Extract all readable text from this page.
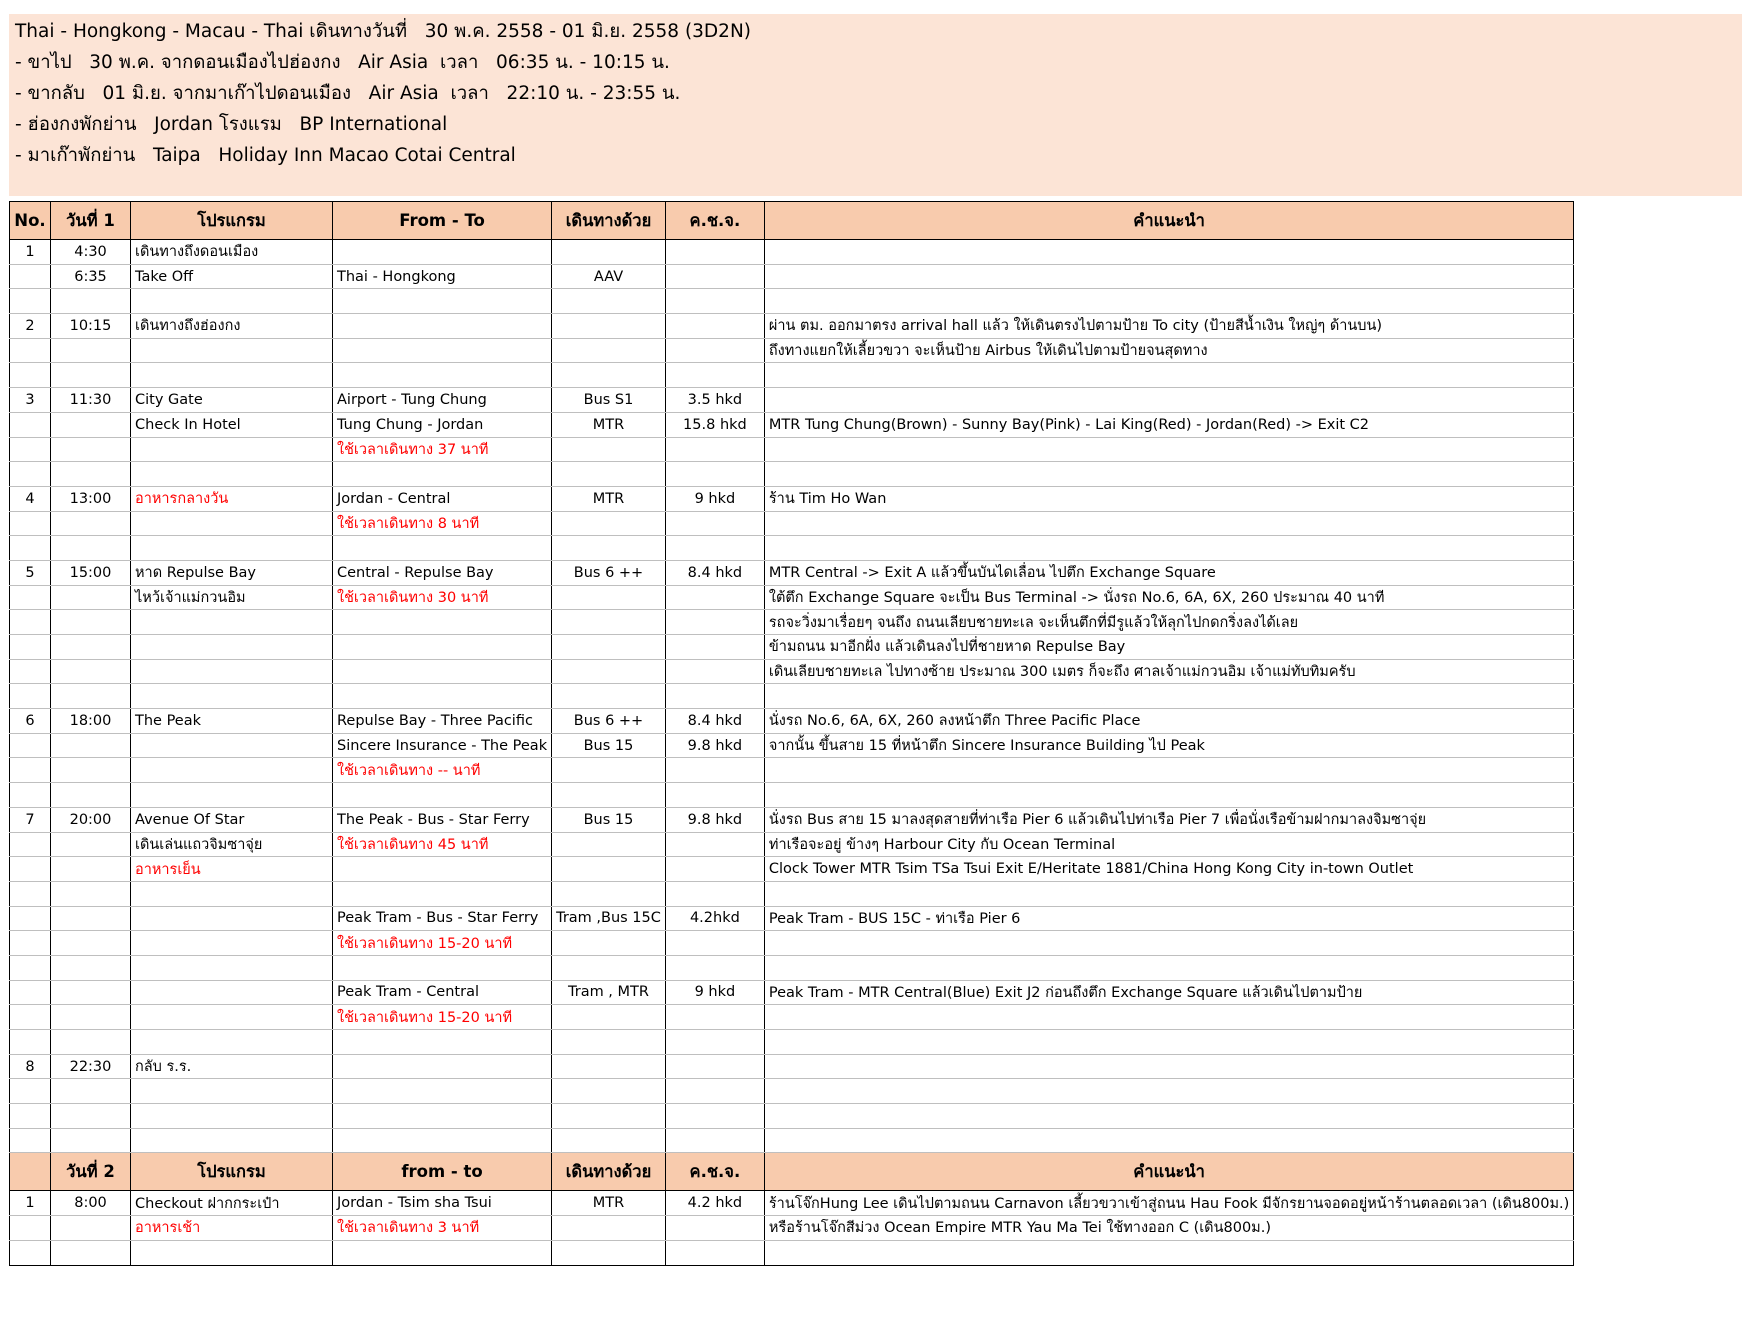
Thai - Hongkong - Macau - Thai เดินทางวันที่   30 พ.ค. 2558 - 01 มิ.ย. 2558 (3D2N)
- ขาไป   30 พ.ค. จากดอนเมืองไปฮ่องกง   Air Asia  เวลา   06:35 น. - 10:15 น.
- ขากลับ   01 มิ.ย. จากมาเก๊าไปดอนเมือง   Air Asia  เวลา   22:10 น. - 23:55 น.
- ฮ่องกงพักย่าน   Jordan โรงแรม   BP International
- มาเก๊าพักย่าน   Taipa   Holiday Inn Macao Cotai Central
No.	วันที่ 1	โปรแกรม	From - To	เดินทางด้วย	ค.ช.จ.	คำแนะนำ
1	4:30	เดินทางถึงดอนเมือง				
	6:35	Take Off	Thai - Hongkong	AAV		

2	10:15	เดินทางถึงฮ่องกง				ผ่าน ตม. ออกมาตรง arrival hall แล้ว ให้เดินตรงไปตามป้าย To city (ป้ายสีน้ำเงิน ใหญ่ๆ ด้านบน)
						ถึงทางแยกให้เลี้ยวขวา จะเห็นป้าย Airbus ให้เดินไปตามป้ายจนสุดทาง

3	11:30	City Gate	Airport - Tung Chung	Bus S1	3.5 hkd	
		Check In Hotel	Tung Chung - Jordan	MTR	15.8 hkd	MTR Tung Chung(Brown) - Sunny Bay(Pink) - Lai King(Red) - Jordan(Red) -> Exit C2
			ใช้เวลาเดินทาง 37 นาที			

4	13:00	อาหารกลางวัน	Jordan - Central	MTR	9 hkd	ร้าน Tim Ho Wan
			ใช้เวลาเดินทาง 8 นาที			

5	15:00	หาด Repulse Bay	Central - Repulse Bay	Bus 6 ++	8.4 hkd	MTR Central -> Exit A แล้วขึ้นบันไดเลื่อน ไปตึก Exchange Square
		ไหว้เจ้าแม่กวนอิม	ใช้เวลาเดินทาง 30 นาที			ใต้ตึก Exchange Square จะเป็น Bus Terminal -> นั่งรถ No.6, 6A, 6X, 260 ประมาณ 40 นาที
						รถจะวิ่งมาเรื่อยๆ จนถึง ถนนเลียบชายทะเล จะเห็นตึกที่มีรูแล้วให้ลุกไปกดกริ่งลงได้เลย
						ข้ามถนน มาอีกฝั่ง แล้วเดินลงไปที่ชายหาด Repulse Bay
						เดินเลียบชายทะเล ไปทางซ้าย ประมาณ 300 เมตร ก็จะถึง ศาลเจ้าแม่กวนอิม เจ้าแม่ทับทิมครับ

6	18:00	The Peak	Repulse Bay - Three Pacific	Bus 6 ++	8.4 hkd	นั่งรถ No.6, 6A, 6X, 260 ลงหน้าตึก Three Pacific Place
			Sincere Insurance - The Peak	Bus 15	9.8 hkd	จากนั้น ขึ้นสาย 15 ที่หน้าตึก Sincere Insurance Building ไป Peak
			ใช้เวลาเดินทาง -- นาที			

7	20:00	Avenue Of Star	The Peak - Bus - Star Ferry	Bus 15	9.8 hkd	นั่งรถ Bus สาย 15 มาลงสุดสายที่ท่าเรือ Pier 6 แล้วเดินไปท่าเรือ Pier 7 เพื่อนั่งเรือข้ามฝากมาลงจิมซาจุ่ย
		เดินเล่นแถวจิมซาจุ่ย	ใช้เวลาเดินทาง 45 นาที			ท่าเรือจะอยู่ ข้างๆ Harbour City กับ Ocean Terminal
		อาหารเย็น				Clock Tower MTR Tsim TSa Tsui Exit E/Heritate 1881/China Hong Kong City in-town Outlet

			Peak Tram - Bus - Star Ferry	Tram ,Bus 15C	4.2hkd	Peak Tram - BUS 15C - ท่าเรือ Pier 6
			ใช้เวลาเดินทาง 15-20 นาที			

			Peak Tram - Central	Tram , MTR	9 hkd	Peak Tram - MTR Central(Blue) Exit J2 ก่อนถึงตึก Exchange Square แล้วเดินไปตามป้าย
			ใช้เวลาเดินทาง 15-20 นาที			

8	22:30	กลับ ร.ร.				

	วันที่ 2	โปรแกรม	from - to	เดินทางด้วย	ค.ช.จ.	คำแนะนำ
1	8:00	Checkout ฝากกระเป๋า	Jordan - Tsim sha Tsui	MTR	4.2 hkd	ร้านโจ๊กHung Lee เดินไปตามถนน Carnavon เลี้ยวขวาเข้าสู่ถนน Hau Fook มีจักรยานจอดอยู่หน้าร้านตลอดเวลา (เดิน800ม.)
		อาหารเช้า	ใช้เวลาเดินทาง 3 นาที			หรือร้านโจ๊กสีม่วง Ocean Empire MTR Yau Ma Tei ใช้ทางออก C (เดิน800ม.)
